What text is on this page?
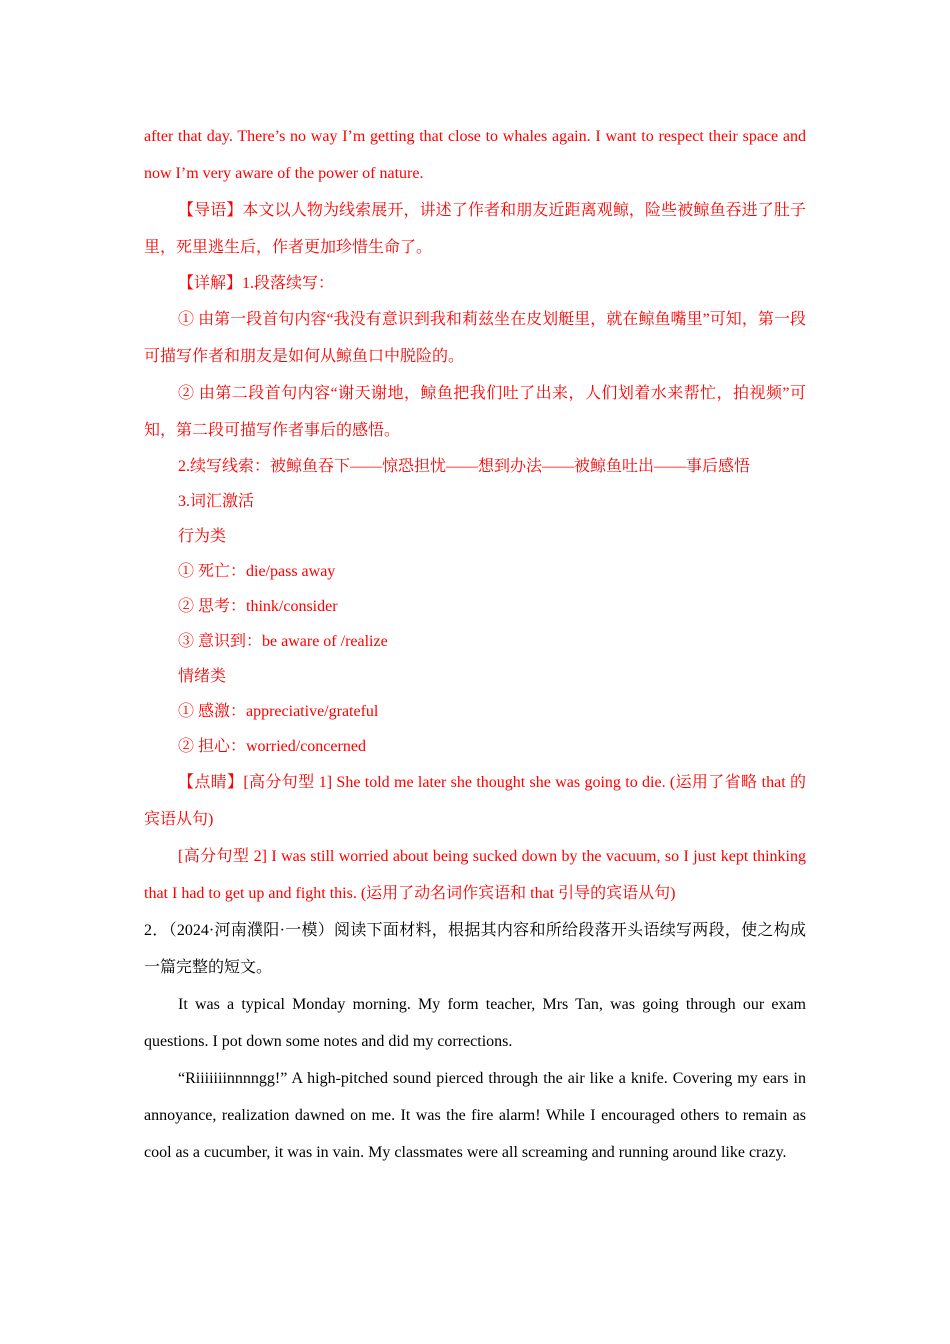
after that day. There’s no way I’m getting that close to whales again. I want to respect their space and now I’m very aware of the power of nature.

【导语】本文以人物为线索展开，讲述了作者和朋友近距离观鲸，险些被鲸鱼吞进了肚子里，死里逃生后，作者更加珍惜生命了。

【详解】1.段落续写：

① 由第一段首句内容“我没有意识到我和莉兹坐在皮划艇里，就在鲸鱼嘴里”可知，第一段可描写作者和朋友是如何从鲸鱼口中脱险的。

② 由第二段首句内容“谢天谢地，鲸鱼把我们吐了出来，人们划着水来帮忙，拍视频”可知，第二段可描写作者事后的感悟。

2.续写线索：被鲸鱼吞下——惊恐担忧——想到办法——被鲸鱼吐出——事后感悟

3.词汇激活

行为类

① 死亡：die/pass away

② 思考：think/consider

③ 意识到：be aware of /realize

情绪类

① 感激：appreciative/grateful

② 担心：worried/concerned

【点睛】[高分句型 1] She told me later she thought she was going to die. (运用了省略 that 的宾语从句)

[高分句型 2] I was still worried about being sucked down by the vacuum, so I just kept thinking that I had to get up and fight this. (运用了动名词作宾语和 that 引导的宾语从句)

2．（2024·河南濮阳·一模）阅读下面材料，根据其内容和所给段落开头语续写两段，使之构成一篇完整的短文。

It was a typical Monday morning. My form teacher, Mrs Tan, was going through our exam questions. I pot down some notes and did my corrections.

“Riiiiiiinnnngg!” A high-pitched sound pierced through the air like a knife. Covering my ears in annoyance, realization dawned on me. It was the fire alarm! While I encouraged others to remain as cool as a cucumber, it was in vain. My classmates were all screaming and running around like crazy.
